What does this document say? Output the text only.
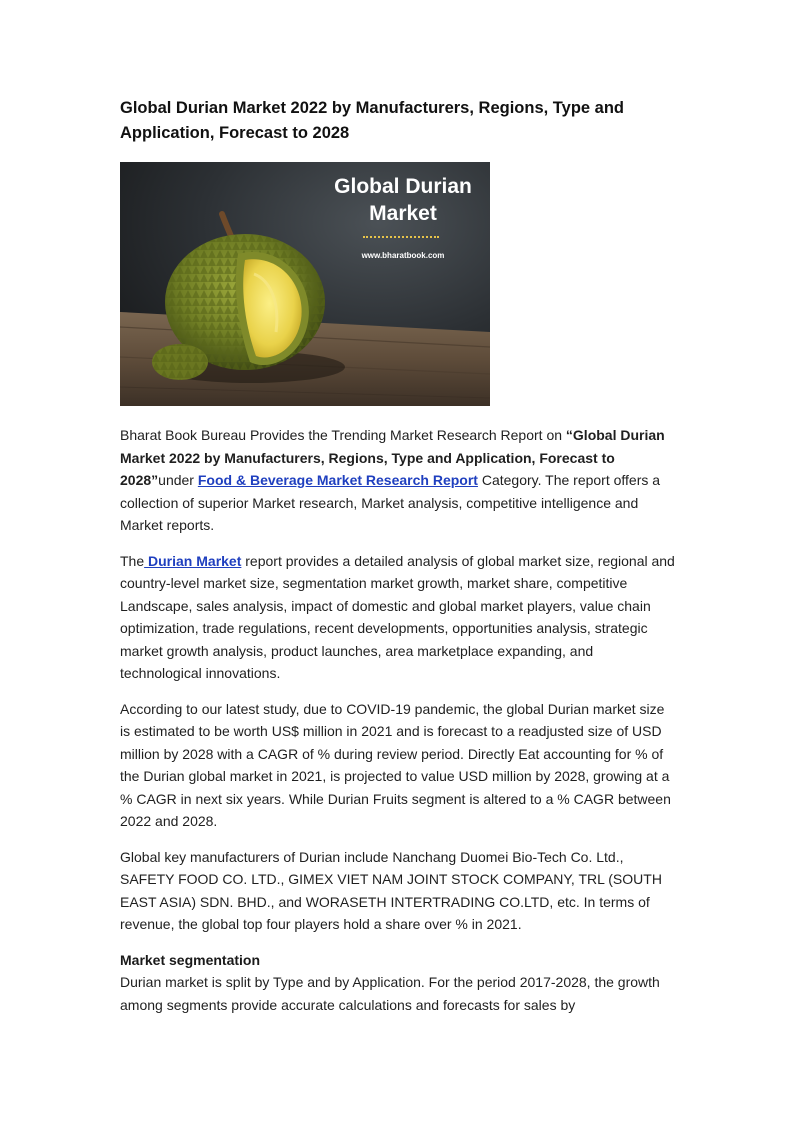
Global Durian Market 2022 by Manufacturers, Regions, Type and Application, Forecast to 2028
Global Durian
Market
www.bharatbook.com

Bharat Book Bureau Provides the Trending Market Research Report on “Global Durian Market 2022 by Manufacturers, Regions, Type and Application, Forecast to 2028”under Food & Beverage Market Research Report Category. The report offers a collection of superior Market research, Market analysis, competitive intelligence and Market reports.

The Durian Market report provides a detailed analysis of global market size, regional and country-level market size, segmentation market growth, market share, competitive Landscape, sales analysis, impact of domestic and global market players, value chain optimization, trade regulations, recent developments, opportunities analysis, strategic market growth analysis, product launches, area marketplace expanding, and technological innovations.

According to our latest study, due to COVID-19 pandemic, the global Durian market size is estimated to be worth US$ million in 2021 and is forecast to a readjusted size of USD million by 2028 with a CAGR of % during review period. Directly Eat accounting for % of the Durian global market in 2021, is projected to value USD million by 2028, growing at a % CAGR in next six years. While Durian Fruits segment is altered to a % CAGR between 2022 and 2028.

Global key manufacturers of Durian include Nanchang Duomei Bio-Tech Co. Ltd., SAFETY FOOD CO. LTD., GIMEX VIET NAM JOINT STOCK COMPANY, TRL (SOUTH EAST ASIA) SDN. BHD., and WORASETH INTERTRADING CO.LTD, etc. In terms of revenue, the global top four players hold a share over % in 2021.

Market segmentation

Durian market is split by Type and by Application. For the period 2017-2028, the growth among segments provide accurate calculations and forecasts for sales by
